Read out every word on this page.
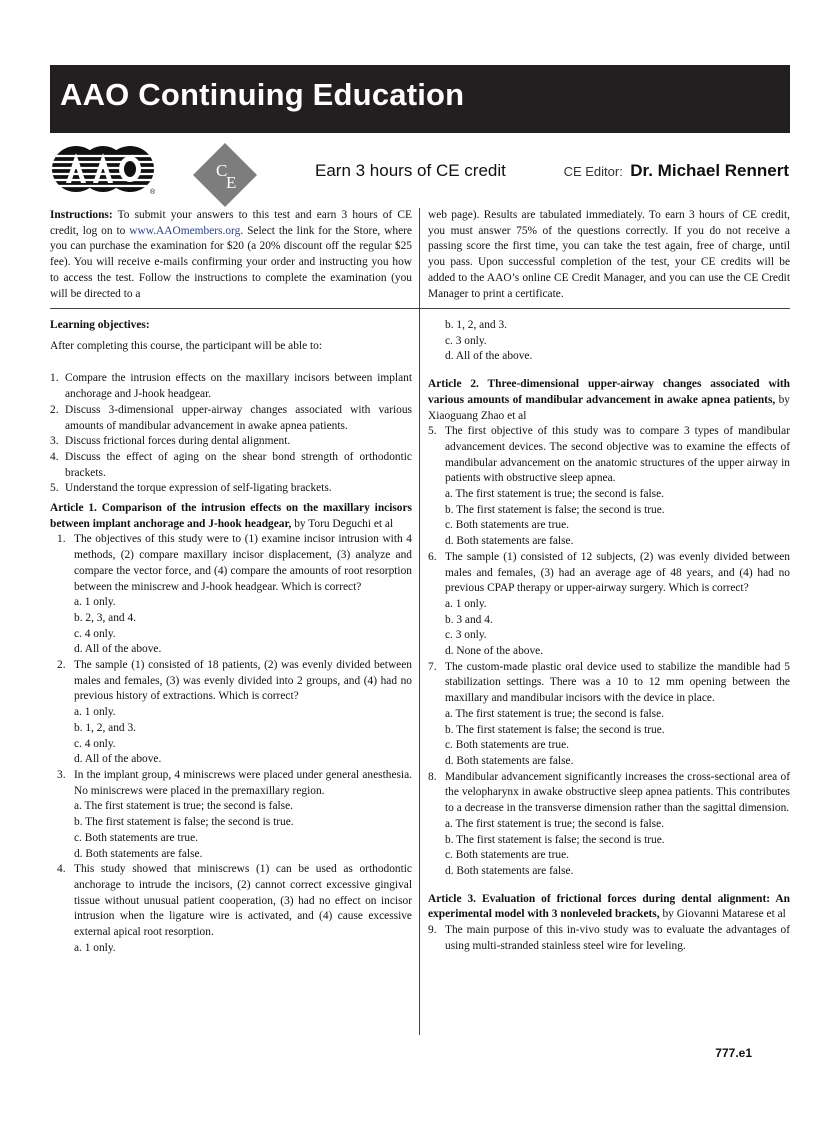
AAO Continuing Education
®
C
E
Earn 3 hours of CE credit	CE Editor: Dr. Michael Rennert

Instructions: To submit your answers to this test and earn 3 hours of CE credit, log on to www.AAOmembers.org. Select the link for the Store, where you can purchase the examination for $20 (a 20% discount off the regular $25 fee). You will receive e-mails confirming your order and instructing you how to access the test. Follow the instructions to complete the examination (you will be directed to a

web page). Results are tabulated immediately. To earn 3 hours of CE credit, you must answer 75% of the questions correctly. If you do not receive a passing score the first time, you can take the test again, free of charge, until you pass. Upon successful completion of the test, your CE credits will be added to the AAO’s online CE Credit Manager, and you can use the CE Credit Manager to print a certificate.

Learning objectives:

After completing this course, the participant will be able to:

1. Compare the intrusion effects on the maxillary incisors between implant anchorage and J-hook headgear.
2. Discuss 3-dimensional upper-airway changes associated with various amounts of mandibular advancement in awake apnea patients.
3. Discuss frictional forces during dental alignment.
4. Discuss the effect of aging on the shear bond strength of orthodontic brackets.
5. Understand the torque expression of self-ligating brackets.

Article 1. Comparison of the intrusion effects on the maxillary incisors between implant anchorage and J-hook headgear, by Toru Deguchi et al

1. The objectives of this study were to (1) examine incisor intrusion with 4 methods, (2) compare maxillary incisor displacement, (3) analyze and compare the vector force, and (4) compare the amounts of root resorption between the miniscrew and J-hook headgear. Which is correct?
a. 1 only.
b. 2, 3, and 4.
c. 4 only.
d. All of the above.
2. The sample (1) consisted of 18 patients, (2) was evenly divided between males and females, (3) was evenly divided into 2 groups, and (4) had no previous history of extractions. Which is correct?
a. 1 only.
b. 1, 2, and 3.
c. 4 only.
d. All of the above.
3. In the implant group, 4 miniscrews were placed under general anesthesia. No miniscrews were placed in the premaxillary region.
a. The first statement is true; the second is false.
b. The first statement is false; the second is true.
c. Both statements are true.
d. Both statements are false.
4. This study showed that miniscrews (1) can be used as orthodontic anchorage to intrude the incisors, (2) cannot correct excessive gingival tissue without unusual patient cooperation, (3) had no effect on incisor intrusion when the ligature wire is activated, and (4) cause excessive external apical root resorption.
a. 1 only.
b. 1, 2, and 3.
c. 3 only.
d. All of the above.

Article 2. Three-dimensional upper-airway changes associated with various amounts of mandibular advancement in awake apnea patients, by Xiaoguang Zhao et al

5. The first objective of this study was to compare 3 types of mandibular advancement devices. The second objective was to examine the effects of mandibular advancement on the anatomic structures of the upper airway in patients with obstructive sleep apnea.
a. The first statement is true; the second is false.
b. The first statement is false; the second is true.
c. Both statements are true.
d. Both statements are false.
6. The sample (1) consisted of 12 subjects, (2) was evenly divided between males and females, (3) had an average age of 48 years, and (4) had no previous CPAP therapy or upper-airway surgery. Which is correct?
a. 1 only.
b. 3 and 4.
c. 3 only.
d. None of the above.
7. The custom-made plastic oral device used to stabilize the mandible had 5 stabilization settings. There was a 10 to 12 mm opening between the maxillary and mandibular incisors with the device in place.
a. The first statement is true; the second is false.
b. The first statement is false; the second is true.
c. Both statements are true.
d. Both statements are false.
8. Mandibular advancement significantly increases the cross-sectional area of the velopharynx in awake obstructive sleep apnea patients. This contributes to a decrease in the transverse dimension rather than the sagittal dimension.
a. The first statement is true; the second is false.
b. The first statement is false; the second is true.
c. Both statements are true.
d. Both statements are false.

Article 3. Evaluation of frictional forces during dental alignment: An experimental model with 3 nonleveled brackets, by Giovanni Matarese et al

9. The main purpose of this in-vivo study was to evaluate the advantages of using multi-stranded stainless steel wire for leveling.
777.e1
